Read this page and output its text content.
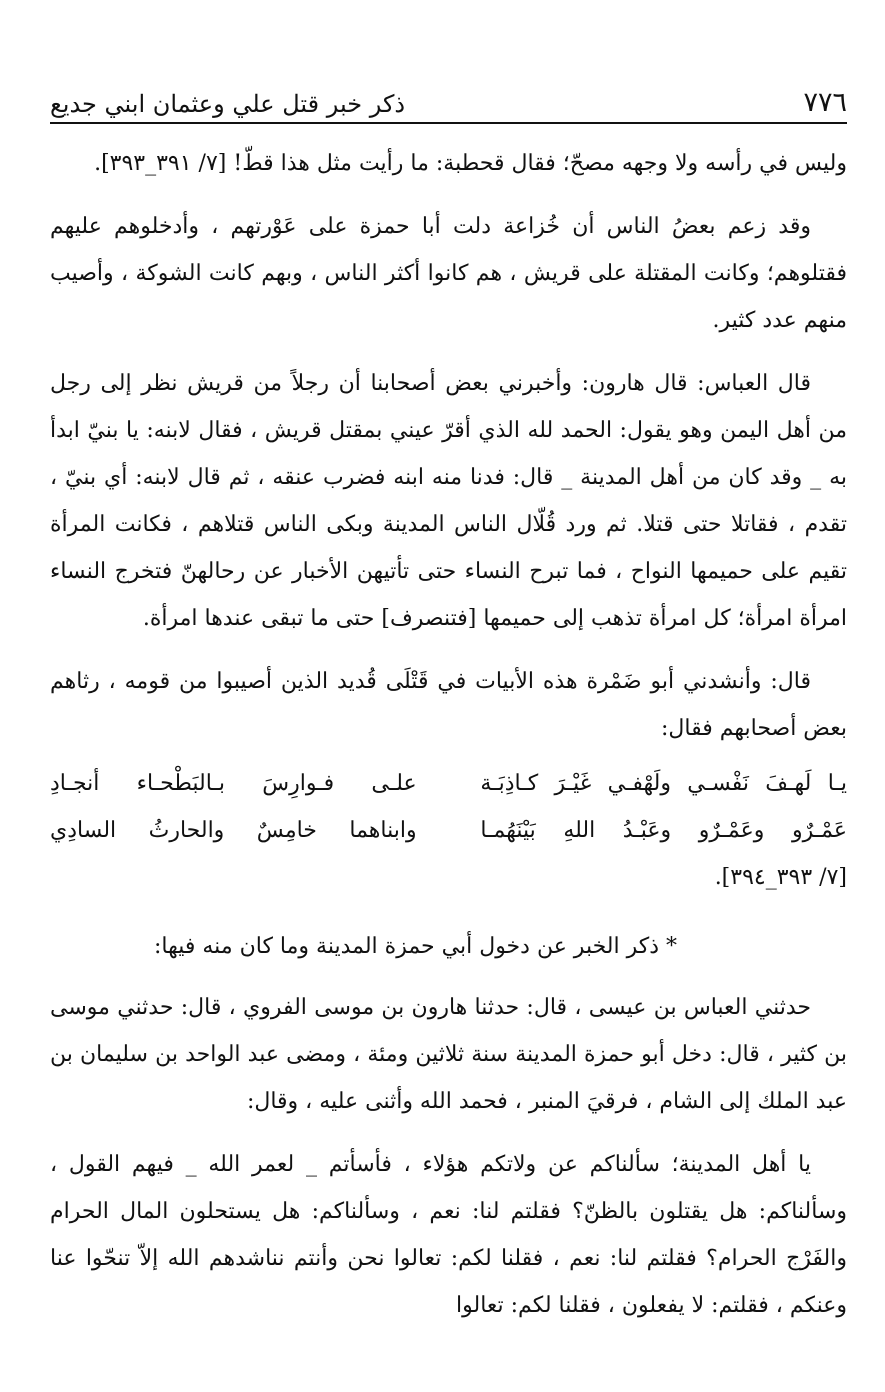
٧٧٦
ذكر خبر قتل علي وعثمان ابني جديع

وليس في رأسه ولا وجهه مصحّ؛ فقال قحطبة: ما رأيت مثل هذا قطّ! [٧/ ٣٩١_٣٩٣].

وقد زعم بعضُ الناس أن خُزاعة دلت أبا حمزة على عَوْرتهم ، وأدخلوهم عليهم فقتلوهم؛ وكانت المقتلة على قريش ، هم كانوا أكثر الناس ، وبهم كانت الشوكة ، وأصيب منهم عدد كثير.

قال العباس: قال هارون: وأخبرني بعض أصحابنا أن رجلاً من قريش نظر إلى رجل من أهل اليمن وهو يقول: الحمد لله الذي أقرّ عيني بمقتل قريش ، فقال لابنه: يا بنيّ ابدأ به _ وقد كان من أهل المدينة _ قال: فدنا منه ابنه فضرب عنقه ، ثم قال لابنه: أي بنيّ ، تقدم ، فقاتلا حتى قتلا. ثم ورد قُلّال الناس المدينة وبكى الناس قتلاهم ، فكانت المرأة تقيم على حميمها النواح ، فما تبرح النساء حتى تأتيهن الأخبار عن رحالهنّ فتخرج النساء امرأة امرأة؛ كل امرأة تذهب إلى حميمها [فتنصرف] حتى ما تبقى عندها امرأة.

قال: وأنشدني أبو ضَمْرة هذه الأبيات في قَتْلَى قُديد الذين أصيبوا من قومه ، رثاهم بعض أصحابهم فقال:

يـا لَهـفَ نَفْسـي ولَهْفـي غَيْـرَ كـاذِبَـة
علـى فـوارِسَ بـالبَطْحـاء أنجـادِ
عَمْـرٌو وعَمْـرٌو وعَبْـدُ اللهِ بَيْنَهُمـا
وابناهما خامِسٌ والحارثُ السادِي
[٧/ ٣٩٣_٣٩٤].
* ذكر الخبر عن دخول أبي حمزة المدينة وما كان منه فيها:

حدثني العباس بن عيسى ، قال: حدثنا هارون بن موسى الفروي ، قال: حدثني موسى بن كثير ، قال: دخل أبو حمزة المدينة سنة ثلاثين ومئة ، ومضى عبد الواحد بن سليمان بن عبد الملك إلى الشام ، فرقيَ المنبر ، فحمد الله وأثنى عليه ، وقال:

يا أهل المدينة؛ سألناكم عن ولاتكم هؤلاء ، فأسأتم _ لعمر الله _ فيهم القول ، وسألناكم: هل يقتلون بالظنّ؟ فقلتم لنا: نعم ، وسألناكم: هل يستحلون المال الحرام والفَرْج الحرام؟ فقلتم لنا: نعم ، فقلنا لكم: تعالوا نحن وأنتم نناشدهم الله إلاّ تنحّوا عنا وعنكم ، فقلتم: لا يفعلون ، فقلنا لكم: تعالوا
